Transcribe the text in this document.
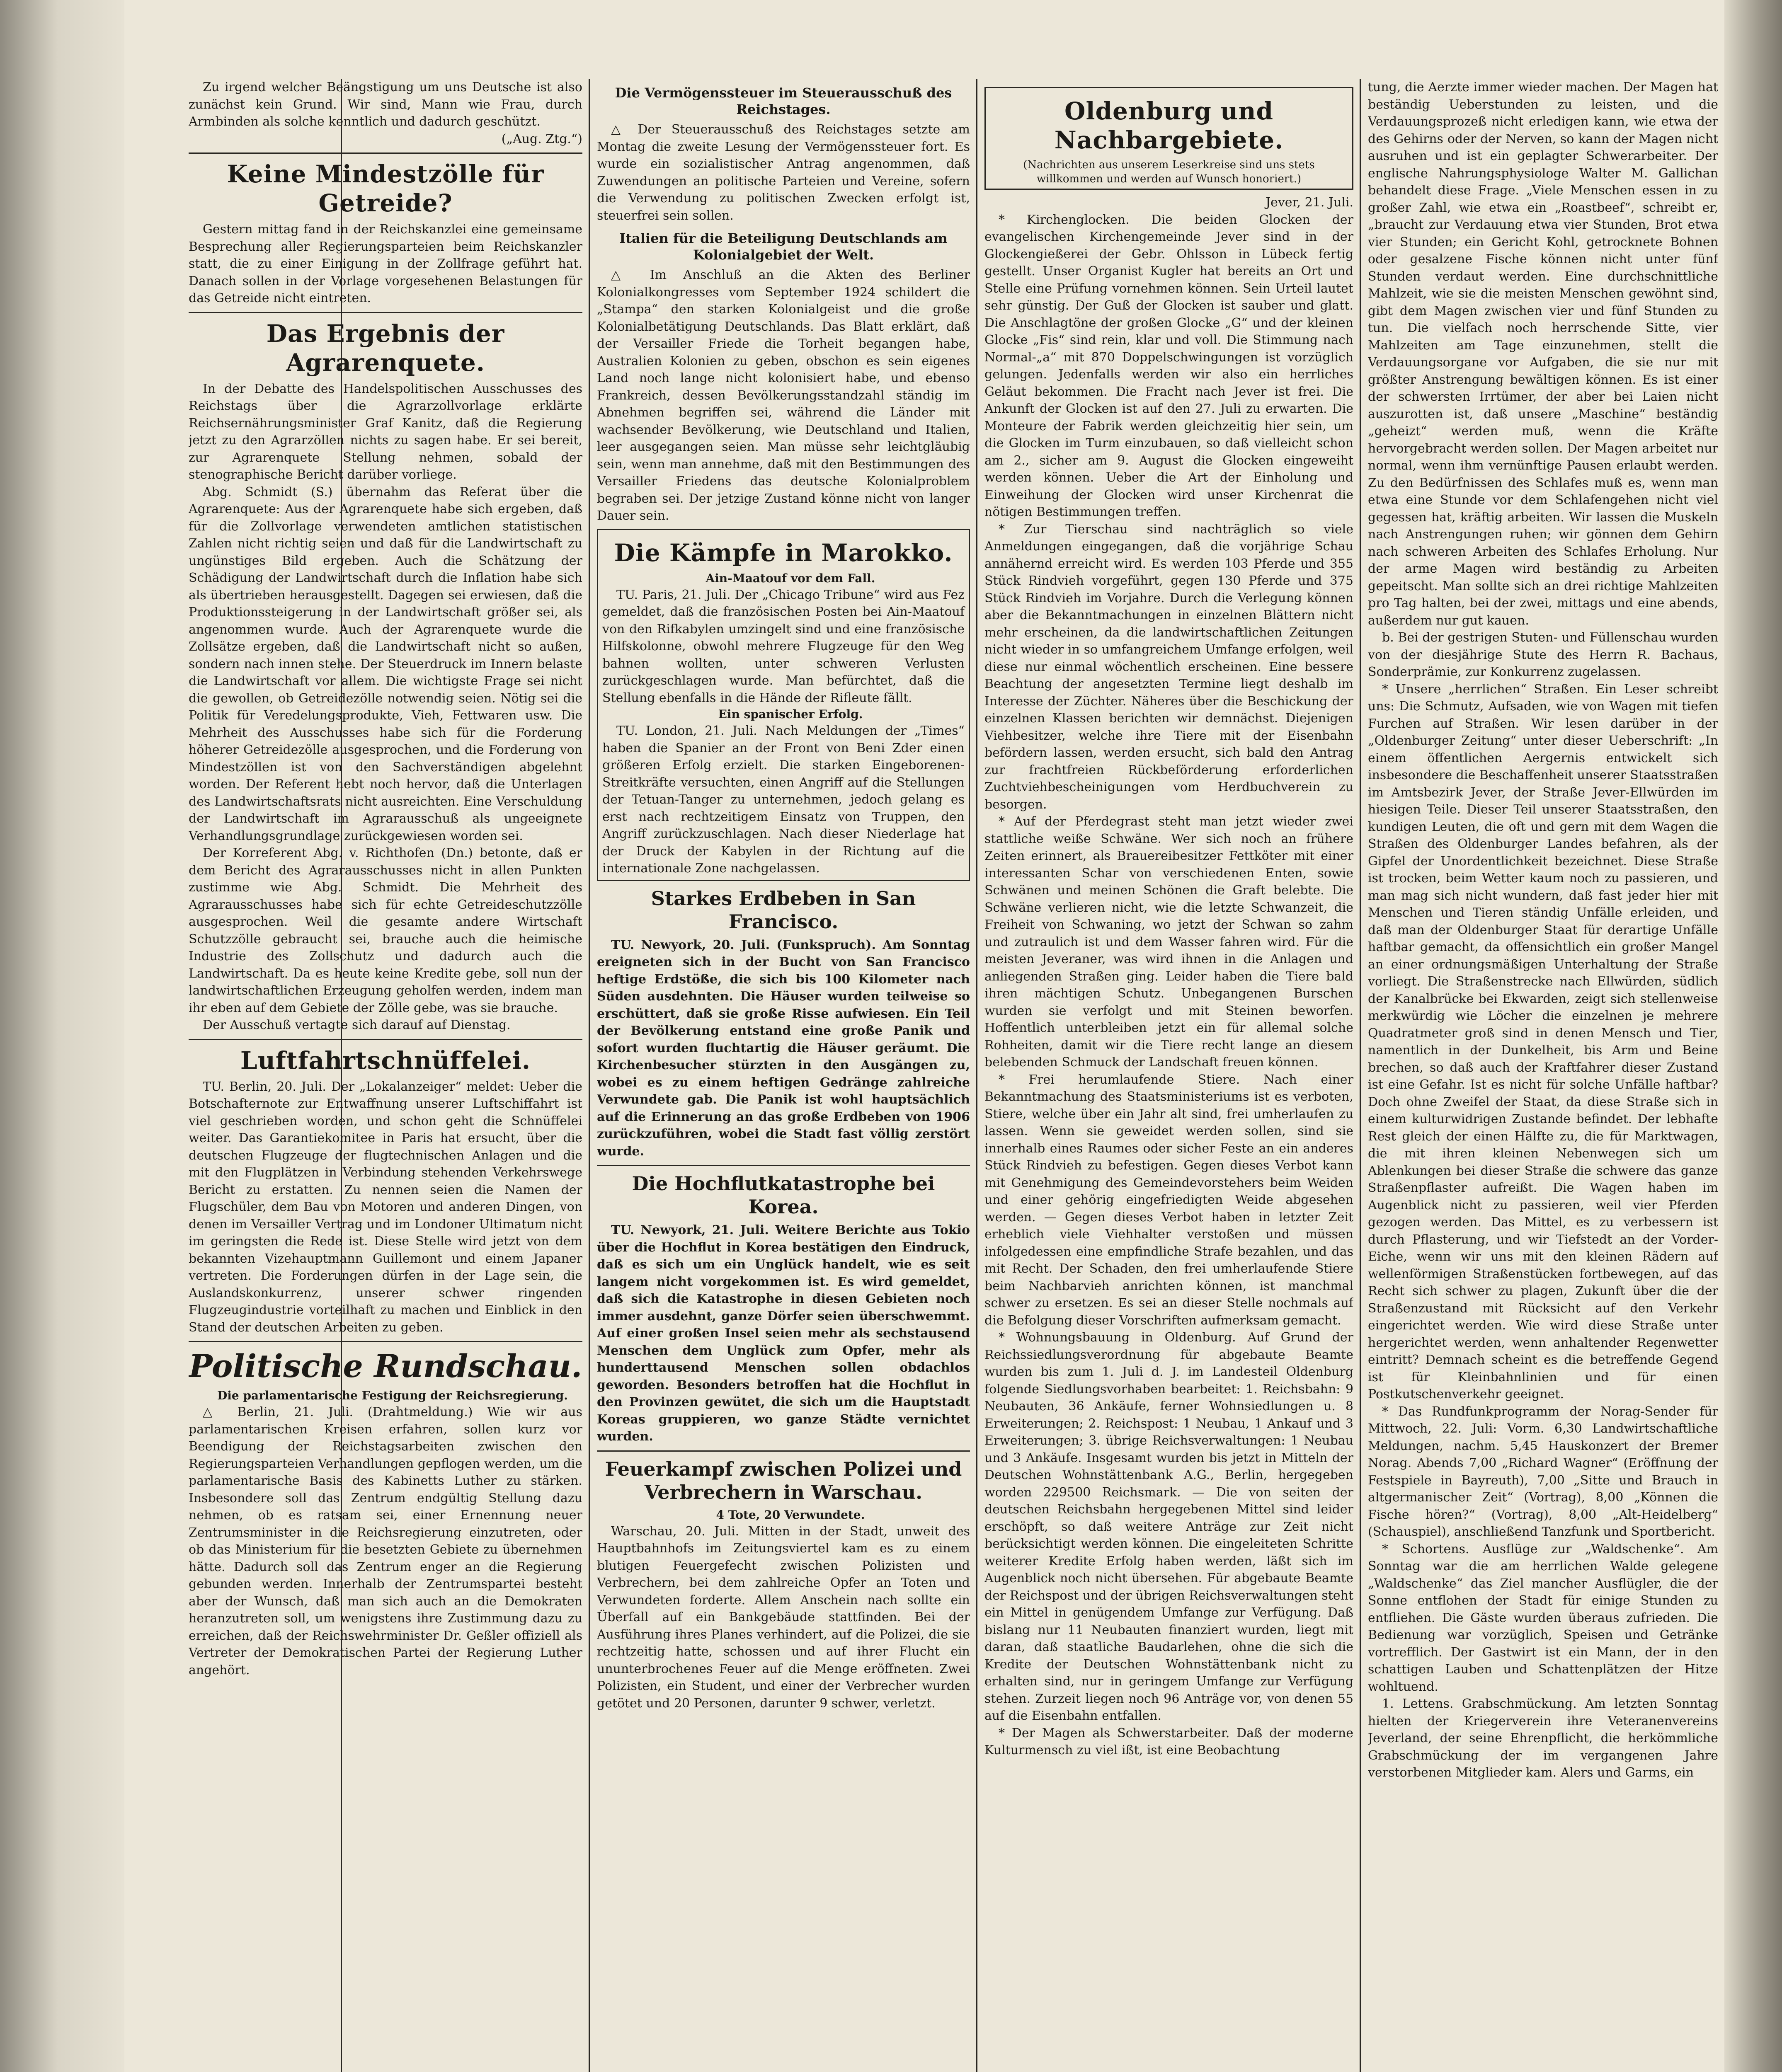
Zu irgend welcher Beängstigung um uns Deutsche ist also zunächst kein Grund. Wir sind, Mann wie Frau, durch Armbinden als solche kenntlich und dadurch geschützt.

(„Aug. Ztg.“)

Keine Mindestzölle für Getreide?

Gestern mittag fand in der Reichskanzlei eine gemeinsame Besprechung aller Regierungsparteien beim Reichskanzler statt, die zu einer Einigung in der Zollfrage geführt hat. Danach sollen in der Vorlage vorgesehenen Belastungen für das Getreide nicht eintreten.

Das Ergebnis der Agrarenquete.

In der Debatte des Handelspolitischen Ausschusses des Reichstags über die Agrarzollvorlage erklärte Reichsernährungsminister Graf Kanitz, daß die Regierung jetzt zu den Agrarzöllen nichts zu sagen habe. Er sei bereit, zur Agrarenquete Stellung nehmen, sobald der stenographische Bericht darüber vorliege.

Abg. Schmidt (S.) übernahm das Referat über die Agrarenquete: Aus der Agrarenquete habe sich ergeben, daß für die Zollvorlage verwendeten amtlichen statistischen Zahlen nicht richtig seien und daß für die Landwirtschaft zu ungünstiges Bild ergeben. Auch die Schätzung der Schädigung der Landwirtschaft durch die Inflation habe sich als übertrieben herausgestellt. Dagegen sei erwiesen, daß die Produktionssteigerung in der Landwirtschaft größer sei, als angenommen wurde. Auch der Agrarenquete wurde die Zollsätze ergeben, daß die Landwirtschaft nicht so außen, sondern nach innen stehe. Der Steuerdruck im Innern belaste die Landwirtschaft vor allem. Die wichtigste Frage sei nicht die gewollen, ob Getreidezölle notwendig seien. Nötig sei die Politik für Veredelungsprodukte, Vieh, Fettwaren usw. Die Mehrheit des Ausschusses habe sich für die Forderung höherer Getreidezölle ausgesprochen, und die Forderung von Mindestzöllen ist von den Sachverständigen abgelehnt worden. Der Referent hebt noch hervor, daß die Unterlagen des Landwirtschaftsrats nicht ausreichten. Eine Verschuldung der Landwirtschaft im Agrarausschuß als ungeeignete Verhandlungsgrundlage zurückgewiesen worden sei.

Der Korreferent Abg. v. Richthofen (Dn.) betonte, daß er dem Bericht des Agrarausschusses nicht in allen Punkten zustimme wie Abg. Schmidt. Die Mehrheit des Agrarausschusses habe sich für echte Getreideschutzzölle ausgesprochen. Weil die gesamte andere Wirtschaft Schutzzölle gebraucht sei, brauche auch die heimische Industrie des Zollschutz und dadurch auch die Landwirtschaft. Da es heute keine Kredite gebe, soll nun der landwirtschaftlichen Erzeugung geholfen werden, indem man ihr eben auf dem Gebiete der Zölle gebe, was sie brauche.

Der Ausschuß vertagte sich darauf auf Dienstag.

Luftfahrtschnüffelei.

TU. Berlin, 20. Juli. Der „Lokalanzeiger“ meldet: Ueber die Botschafternote zur Entwaffnung unserer Luftschiffahrt ist viel geschrieben worden, und schon geht die Schnüffelei weiter. Das Garantiekomitee in Paris hat ersucht, über die deutschen Flugzeuge der flugtechnischen Anlagen und die mit den Flugplätzen in Verbindung stehenden Verkehrswege Bericht zu erstatten. Zu nennen seien die Namen der Flugschüler, dem Bau von Motoren und anderen Dingen, von denen im Versailler Vertrag und im Londoner Ultimatum nicht im geringsten die Rede ist. Diese Stelle wird jetzt von dem bekannten Vizehauptmann Guillemont und einem Japaner vertreten. Die Forderungen dürfen in der Lage sein, die Auslandskonkurrenz, unserer schwer ringenden Flugzeugindustrie vorteilhaft zu machen und Einblick in den Stand der deutschen Arbeiten zu geben.

Politische Rundschau.

Die parlamentarische Festigung der Reichsregierung.

△ Berlin, 21. Juli. (Drahtmeldung.) Wie wir aus parlamentarischen Kreisen erfahren, sollen kurz vor Beendigung der Reichstagsarbeiten zwischen den Regierungsparteien Verhandlungen gepflogen werden, um die parlamentarische Basis des Kabinetts Luther zu stärken. Insbesondere soll das Zentrum endgültig Stellung dazu nehmen, ob es ratsam sei, einer Ernennung neuer Zentrumsminister in die Reichsregierung einzutreten, oder ob das Ministerium für die besetzten Gebiete zu übernehmen hätte. Dadurch soll das Zentrum enger an die Regierung gebunden werden. Innerhalb der Zentrumspartei besteht aber der Wunsch, daß man sich auch an die Demokraten heranzutreten soll, um wenigstens ihre Zustimmung dazu zu erreichen, daß der Reichswehrminister Dr. Geßler offiziell als Vertreter der Demokratischen Partei der Regierung Luther angehört.

Die Vermögenssteuer im Steuerausschuß des Reichstages.

△ Der Steuerausschuß des Reichstages setzte am Montag die zweite Lesung der Vermögenssteuer fort. Es wurde ein sozialistischer Antrag angenommen, daß Zuwendungen an politische Parteien und Vereine, sofern die Verwendung zu politischen Zwecken erfolgt ist, steuerfrei sein sollen.

Italien für die Beteiligung Deutschlands am Kolonialgebiet der Welt.

△ Im Anschluß an die Akten des Berliner Kolonialkongresses vom September 1924 schildert die „Stampa“ den starken Kolonialgeist und die große Kolonialbetätigung Deutschlands. Das Blatt erklärt, daß der Versailler Friede die Torheit begangen habe, Australien Kolonien zu geben, obschon es sein eigenes Land noch lange nicht kolonisiert habe, und ebenso Frankreich, dessen Bevölkerungsstandzahl ständig im Abnehmen begriffen sei, während die Länder mit wachsender Bevölkerung, wie Deutschland und Italien, leer ausgegangen seien. Man müsse sehr leichtgläubig sein, wenn man annehme, daß mit den Bestimmungen des Versailler Friedens das deutsche Kolonialproblem begraben sei. Der jetzige Zustand könne nicht von langer Dauer sein.

Die Kämpfe in Marokko.

Ain-Maatouf vor dem Fall.

TU. Paris, 21. Juli. Der „Chicago Tribune“ wird aus Fez gemeldet, daß die französischen Posten bei Ain-Maatouf von den Rifkabylen umzingelt sind und eine französische Hilfskolonne, obwohl mehrere Flugzeuge für den Weg bahnen wollten, unter schweren Verlusten zurückgeschlagen wurde. Man befürchtet, daß die Stellung ebenfalls in die Hände der Rifleute fällt.

Ein spanischer Erfolg.

TU. London, 21. Juli. Nach Meldungen der „Times“ haben die Spanier an der Front von Beni Zder einen größeren Erfolg erzielt. Die starken Eingeborenen-Streitkräfte versuchten, einen Angriff auf die Stellungen der Tetuan-Tanger zu unternehmen, jedoch gelang es erst nach rechtzeitigem Einsatz von Truppen, den Angriff zurückzuschlagen. Nach dieser Niederlage hat der Druck der Kabylen in der Richtung auf die internationale Zone nachgelassen.

Starkes Erdbeben in San Francisco.

TU. Newyork, 20. Juli. (Funkspruch). Am Sonntag ereigneten sich in der Bucht von San Francisco heftige Erdstöße, die sich bis 100 Kilometer nach Süden ausdehnten. Die Häuser wurden teilweise so erschüttert, daß sie große Risse aufwiesen. Ein Teil der Bevölkerung entstand eine große Panik und sofort wurden fluchtartig die Häuser geräumt. Die Kirchenbesucher stürzten in den Ausgängen zu, wobei es zu einem heftigen Gedränge zahlreiche Verwundete gab. Die Panik ist wohl hauptsächlich auf die Erinnerung an das große Erdbeben von 1906 zurückzuführen, wobei die Stadt fast völlig zerstört wurde.

Die Hochflutkatastrophe bei Korea.

TU. Newyork, 21. Juli. Weitere Berichte aus Tokio über die Hochflut in Korea bestätigen den Eindruck, daß es sich um ein Unglück handelt, wie es seit langem nicht vorgekommen ist. Es wird gemeldet, daß sich die Katastrophe in diesen Gebieten noch immer ausdehnt, ganze Dörfer seien überschwemmt. Auf einer großen Insel seien mehr als sechstausend Menschen dem Unglück zum Opfer, mehr als hunderttausend Menschen sollen obdachlos geworden. Besonders betroffen hat die Hochflut in den Provinzen gewütet, die sich um die Hauptstadt Koreas gruppieren, wo ganze Städte vernichtet wurden.

Feuerkampf zwischen Polizei und Verbrechern in Warschau.

4 Tote, 20 Verwundete.

Warschau, 20. Juli. Mitten in der Stadt, unweit des Hauptbahnhofs im Zeitungsviertel kam es zu einem blutigen Feuergefecht zwischen Polizisten und Verbrechern, bei dem zahlreiche Opfer an Toten und Verwundeten forderte. Allem Anschein nach sollte ein Überfall auf ein Bankgebäude stattfinden. Bei der Ausführung ihres Planes verhindert, auf die Polizei, die sie rechtzeitig hatte, schossen und auf ihrer Flucht ein ununterbrochenes Feuer auf die Menge eröffneten. Zwei Polizisten, ein Student, und einer der Verbrecher wurden getötet und 20 Personen, darunter 9 schwer, verletzt.

Oldenburg und Nachbargebiete.

(Nachrichten aus unserem Leserkreise sind uns stets willkommen und werden auf Wunsch honoriert.)

Jever, 21. Juli.

* Kirchenglocken. Die beiden Glocken der evangelischen Kirchengemeinde Jever sind in der Glockengießerei der Gebr. Ohlsson in Lübeck fertig gestellt. Unser Organist Kugler hat bereits an Ort und Stelle eine Prüfung vornehmen können. Sein Urteil lautet sehr günstig. Der Guß der Glocken ist sauber und glatt. Die Anschlagtöne der großen Glocke „G“ und der kleinen Glocke „Fis“ sind rein, klar und voll. Die Stimmung nach Normal-„a“ mit 870 Doppelschwingungen ist vorzüglich gelungen. Jedenfalls werden wir also ein herrliches Geläut bekommen. Die Fracht nach Jever ist frei. Die Ankunft der Glocken ist auf den 27. Juli zu erwarten. Die Monteure der Fabrik werden gleichzeitig hier sein, um die Glocken im Turm einzubauen, so daß vielleicht schon am 2., sicher am 9. August die Glocken eingeweiht werden können. Ueber die Art der Einholung und Einweihung der Glocken wird unser Kirchenrat die nötigen Bestimmungen treffen.

* Zur Tierschau sind nachträglich so viele Anmeldungen eingegangen, daß die vorjährige Schau annähernd erreicht wird. Es werden 103 Pferde und 355 Stück Rindvieh vorgeführt, gegen 130 Pferde und 375 Stück Rindvieh im Vorjahre. Durch die Verlegung können aber die Bekanntmachungen in einzelnen Blättern nicht mehr erscheinen, da die landwirtschaftlichen Zeitungen nicht wieder in so umfangreichem Umfange erfolgen, weil diese nur einmal wöchentlich erscheinen. Eine bessere Beachtung der angesetzten Termine liegt deshalb im Interesse der Züchter. Näheres über die Beschickung der einzelnen Klassen berichten wir demnächst. Diejenigen Viehbesitzer, welche ihre Tiere mit der Eisenbahn befördern lassen, werden ersucht, sich bald den Antrag zur frachtfreien Rückbeförderung erforderlichen Zuchtviehbescheinigungen vom Herdbuchverein zu besorgen.

* Auf der Pferdegrast steht man jetzt wieder zwei stattliche weiße Schwäne. Wer sich noch an frühere Zeiten erinnert, als Brauereibesitzer Fettköter mit einer interessanten Schar von verschiedenen Enten, sowie Schwänen und meinen Schönen die Graft belebte. Die Schwäne verlieren nicht, wie die letzte Schwanzeit, die Freiheit von Schwaning, wo jetzt der Schwan so zahm und zutraulich ist und dem Wasser fahren wird. Für die meisten Jeveraner, was wird ihnen in die Anlagen und anliegenden Straßen ging. Leider haben die Tiere bald ihren mächtigen Schutz. Unbegangenen Burschen wurden sie verfolgt und mit Steinen beworfen. Hoffentlich unterbleiben jetzt ein für allemal solche Rohheiten, damit wir die Tiere recht lange an diesem belebenden Schmuck der Landschaft freuen können.

* Frei herumlaufende Stiere. Nach einer Bekanntmachung des Staatsministeriums ist es verboten, Stiere, welche über ein Jahr alt sind, frei umherlaufen zu lassen. Wenn sie geweidet werden sollen, sind sie innerhalb eines Raumes oder sicher Feste an ein anderes Stück Rindvieh zu befestigen. Gegen dieses Verbot kann mit Genehmigung des Gemeindevorstehers beim Weiden und einer gehörig eingefriedigten Weide abgesehen werden. — Gegen dieses Verbot haben in letzter Zeit erheblich viele Viehhalter verstoßen und müssen infolgedessen eine empfindliche Strafe bezahlen, und das mit Recht. Der Schaden, den frei umherlaufende Stiere beim Nachbarvieh anrichten können, ist manchmal schwer zu ersetzen. Es sei an dieser Stelle nochmals auf die Befolgung dieser Vorschriften aufmerksam gemacht.

* Wohnungsbauung in Oldenburg. Auf Grund der Reichssiedlungsverordnung für abgebaute Beamte wurden bis zum 1. Juli d. J. im Landesteil Oldenburg folgende Siedlungsvorhaben bearbeitet: 1. Reichsbahn: 9 Neubauten, 36 Ankäufe, ferner Wohnsiedlungen u. 8 Erweiterungen; 2. Reichspost: 1 Neubau, 1 Ankauf und 3 Erweiterungen; 3. übrige Reichsverwaltungen: 1 Neubau und 3 Ankäufe. Insgesamt wurden bis jetzt in Mitteln der Deutschen Wohnstättenbank A.G., Berlin, hergegeben worden 229500 Reichsmark. — Die von seiten der deutschen Reichsbahn hergegebenen Mittel sind leider erschöpft, so daß weitere Anträge zur Zeit nicht berücksichtigt werden können. Die eingeleiteten Schritte weiterer Kredite Erfolg haben werden, läßt sich im Augenblick noch nicht übersehen. Für abgebaute Beamte der Reichspost und der übrigen Reichsverwaltungen steht ein Mittel in genügendem Umfange zur Verfügung. Daß bislang nur 11 Neubauten finanziert wurden, liegt mit daran, daß staatliche Baudarlehen, ohne die sich die Kredite der Deutschen Wohnstättenbank nicht zu erhalten sind, nur in geringem Umfange zur Verfügung stehen. Zurzeit liegen noch 96 Anträge vor, von denen 55 auf die Eisenbahn entfallen.

* Der Magen als Schwerstarbeiter. Daß der moderne Kulturmensch zu viel ißt, ist eine Beobachtung

tung, die Aerzte immer wieder machen. Der Magen hat beständig Ueberstunden zu leisten, und die Verdauungsprozeß nicht erledigen kann, wie etwa der des Gehirns oder der Nerven, so kann der Magen nicht ausruhen und ist ein geplagter Schwerarbeiter. Der englische Nahrungsphysiologe Walter M. Gallichan behandelt diese Frage. „Viele Menschen essen in zu großer Zahl, wie etwa ein „Roastbeef“, schreibt er, „braucht zur Verdauung etwa vier Stunden, Brot etwa vier Stunden; ein Gericht Kohl, getrocknete Bohnen oder gesalzene Fische können nicht unter fünf Stunden verdaut werden. Eine durchschnittliche Mahlzeit, wie sie die meisten Menschen gewöhnt sind, gibt dem Magen zwischen vier und fünf Stunden zu tun. Die vielfach noch herrschende Sitte, vier Mahlzeiten am Tage einzunehmen, stellt die Verdauungsorgane vor Aufgaben, die sie nur mit größter Anstrengung bewältigen können. Es ist einer der schwersten Irrtümer, der aber bei Laien nicht auszurotten ist, daß unsere „Maschine“ beständig „geheizt“ werden muß, wenn die Kräfte hervorgebracht werden sollen. Der Magen arbeitet nur normal, wenn ihm vernünftige Pausen erlaubt werden. Zu den Bedürfnissen des Schlafes muß es, wenn man etwa eine Stunde vor dem Schlafengehen nicht viel gegessen hat, kräftig arbeiten. Wir lassen die Muskeln nach Anstrengungen ruhen; wir gönnen dem Gehirn nach schweren Arbeiten des Schlafes Erholung. Nur der arme Magen wird beständig zu Arbeiten gepeitscht. Man sollte sich an drei richtige Mahlzeiten pro Tag halten, bei der zwei, mittags und eine abends, außerdem nur gut kauen.

b. Bei der gestrigen Stuten- und Füllenschau wurden von der diesjährige Stute des Herrn R. Bachaus, Sonderprämie, zur Konkurrenz zugelassen.

* Unsere „herrlichen“ Straßen. Ein Leser schreibt uns: Die Schmutz, Aufsaden, wie von Wagen mit tiefen Furchen auf Straßen. Wir lesen darüber in der „Oldenburger Zeitung“ unter dieser Ueberschrift: „In einem öffentlichen Aergernis entwickelt sich insbesondere die Beschaffenheit unserer Staatsstraßen im Amtsbezirk Jever, der Straße Jever-Ellwürden im hiesigen Teile. Dieser Teil unserer Staatsstraßen, den kundigen Leuten, die oft und gern mit dem Wagen die Straßen des Oldenburger Landes befahren, als der Gipfel der Unordentlichkeit bezeichnet. Diese Straße ist trocken, beim Wetter kaum noch zu passieren, und man mag sich nicht wundern, daß fast jeder hier mit Menschen und Tieren ständig Unfälle erleiden, und daß man der Oldenburger Staat für derartige Unfälle haftbar gemacht, da offensichtlich ein großer Mangel an einer ordnungsmäßigen Unterhaltung der Straße vorliegt. Die Straßenstrecke nach Ellwürden, südlich der Kanalbrücke bei Ekwarden, zeigt sich stellenweise merkwürdig wie Löcher die einzelnen je mehrere Quadratmeter groß sind in denen Mensch und Tier, namentlich in der Dunkelheit, bis Arm und Beine brechen, so daß auch der Kraftfahrer dieser Zustand ist eine Gefahr. Ist es nicht für solche Unfälle haftbar? Doch ohne Zweifel der Staat, da diese Straße sich in einem kulturwidrigen Zustande befindet. Der lebhafte Rest gleich der einen Hälfte zu, die für Marktwagen, die mit ihren kleinen Nebenwegen sich um Ablenkungen bei dieser Straße die schwere das ganze Straßenpflaster aufreißt. Die Wagen haben im Augenblick nicht zu passieren, weil vier Pferden gezogen werden. Das Mittel, es zu verbessern ist durch Pflasterung, und wir Tiefstedt an der Vorder-Eiche, wenn wir uns mit den kleinen Rädern auf wellenförmigen Straßenstücken fortbewegen, auf das Recht sich schwer zu plagen, Zukunft über die der Straßenzustand mit Rücksicht auf den Verkehr eingerichtet werden. Wie wird diese Straße unter hergerichtet werden, wenn anhaltender Regenwetter eintritt? Demnach scheint es die betreffende Gegend ist für Kleinbahnlinien und für einen Postkutschenverkehr geeignet.

* Das Rundfunkprogramm der Norag-Sender für Mittwoch, 22. Juli: Vorm. 6,30 Landwirtschaftliche Meldungen, nachm. 5,45 Hauskonzert der Bremer Norag. Abends 7,00 „Richard Wagner“ (Eröffnung der Festspiele in Bayreuth), 7,00 „Sitte und Brauch in altgermanischer Zeit“ (Vortrag), 8,00 „Können die Fische hören?“ (Vortrag), 8,00 „Alt-Heidelberg“ (Schauspiel), anschließend Tanzfunk und Sportbericht.

* Schortens. Ausflüge zur „Waldschenke“. Am Sonntag war die am herrlichen Walde gelegene „Waldschenke“ das Ziel mancher Ausflügler, die der Sonne entflohen der Stadt für einige Stunden zu entfliehen. Die Gäste wurden überaus zufrieden. Die Bedienung war vorzüglich, Speisen und Getränke vortrefflich. Der Gastwirt ist ein Mann, der in den schattigen Lauben und Schattenplätzen der Hitze wohltuend.

1. Lettens. Grabschmückung. Am letzten Sonntag hielten der Kriegerverein ihre Veteranenvereins Jeverland, der seine Ehrenpflicht, die herkömmliche Grabschmückung der im vergangenen Jahre verstorbenen Mitglieder kam. Alers und Garms, ein
